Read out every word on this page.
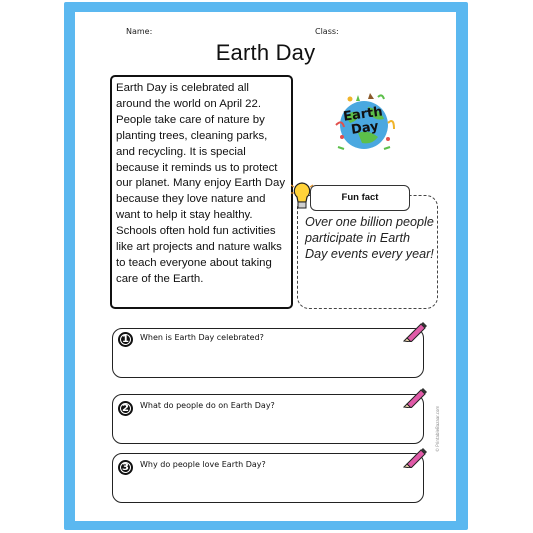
Name:	Class:
Earth Day
Earth Day is celebrated all around the world on April 22. People take care of nature by planting trees, cleaning parks, and recycling. It is special because it reminds us to protect our planet. Many enjoy Earth Day because they love nature and want to help it stay healthy. Schools often hold fun activities like art projects and nature walks to teach everyone about taking care of the Earth.
Earth Day
Fun fact
Over one billion people participate in Earth Day events every year!
1	When is Earth Day celebrated?
2	What do people do on Earth Day?
3	Why do people love Earth Day?
© PrintableBazaar.com
